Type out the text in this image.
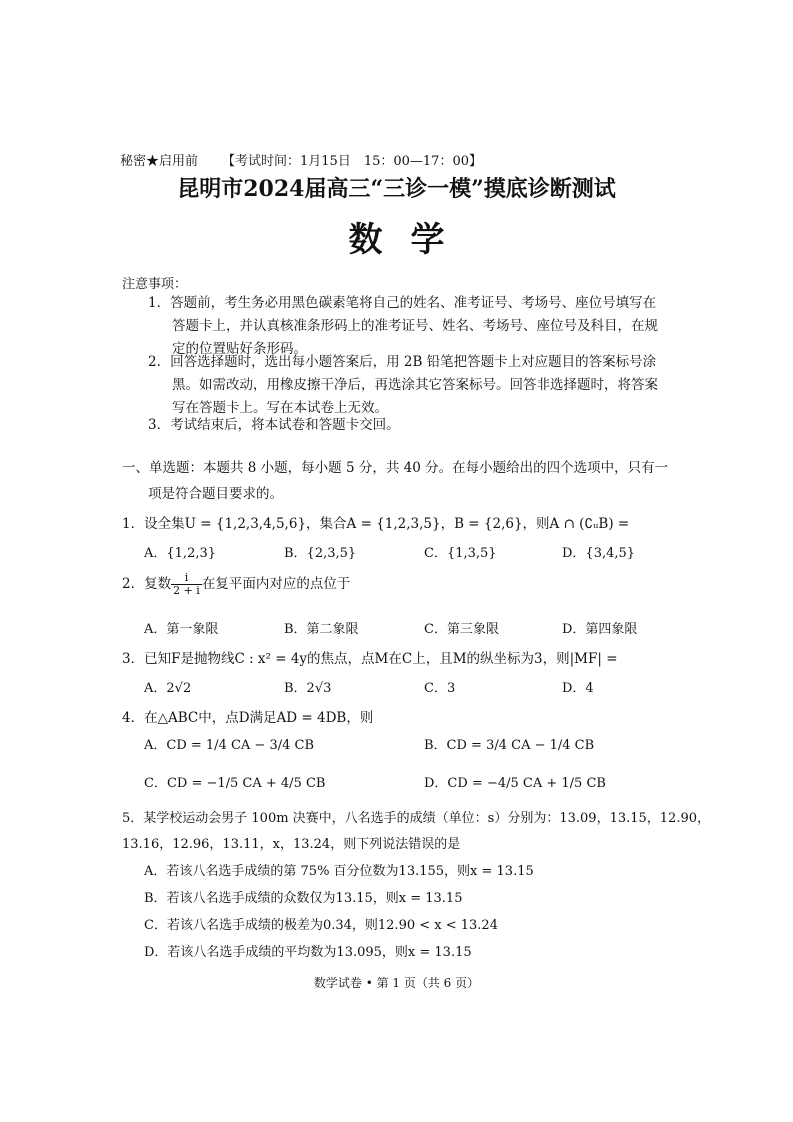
秘密★启用前 【考试时间：1月15日　15：00—17：00】
昆明市2024届高三“三诊一模”摸底诊断测试
数学
注意事项：
1．答题前，考生务必用黑色碳素笔将自己的姓名、准考证号、考场号、座位号填写在
答题卡上，并认真核准条形码上的准考证号、姓名、考场号、座位号及科目，在规
定的位置贴好条形码。
2．回答选择题时，选出每小题答案后，用 2B 铅笔把答题卡上对应题目的答案标号涂
黑。如需改动，用橡皮擦干净后，再选涂其它答案标号。回答非选择题时，将答案
写在答题卡上。写在本试卷上无效。
3．考试结束后，将本试卷和答题卡交回。
一、单选题：本题共 8 小题，每小题 5 分，共 40 分。在每小题给出的四个选项中，只有一
项是符合题目要求的。
1．设全集U = {1,2,3,4,5,6}，集合A = {1,2,3,5}，B = {2,6}，则A ∩ (∁ᵤB) =
A．{1,2,3}	B．{2,3,5}	C．{1,3,5}	D．{3,4,5}
2．复数 $\frac{i}{2 + i}$ 在复平面内对应的点位于
A．第一象限	B．第二象限	C．第三象限	D．第四象限
3．已知F是抛物线C : x² = 4y的焦点，点M在C上，且M的纵坐标为3，则|MF| =
A．2√2	B．2√3	C．3	D．4
4．在△ABC中，点D满足AD = 4DB，则
A．CD = 1/4 CA − 3/4 CB	B．CD = 3/4 CA − 1/4 CB
C．CD = −1/5 CA + 4/5 CB	D．CD = −4/5 CA + 1/5 CB
5．某学校运动会男子 100m 决赛中，八名选手的成绩（单位：s）分别为：13.09，13.15，12.90，
13.16，12.96，13.11，x，13.24，则下列说法错误的是
A．若该八名选手成绩的第 75% 百分位数为13.155，则x = 13.15
B．若该八名选手成绩的众数仅为13.15，则x = 13.15
C．若该八名选手成绩的极差为0.34，则12.90 < x < 13.24
D．若该八名选手成绩的平均数为13.095，则x = 13.15
数学试卷 • 第 1 页（共 6 页）
